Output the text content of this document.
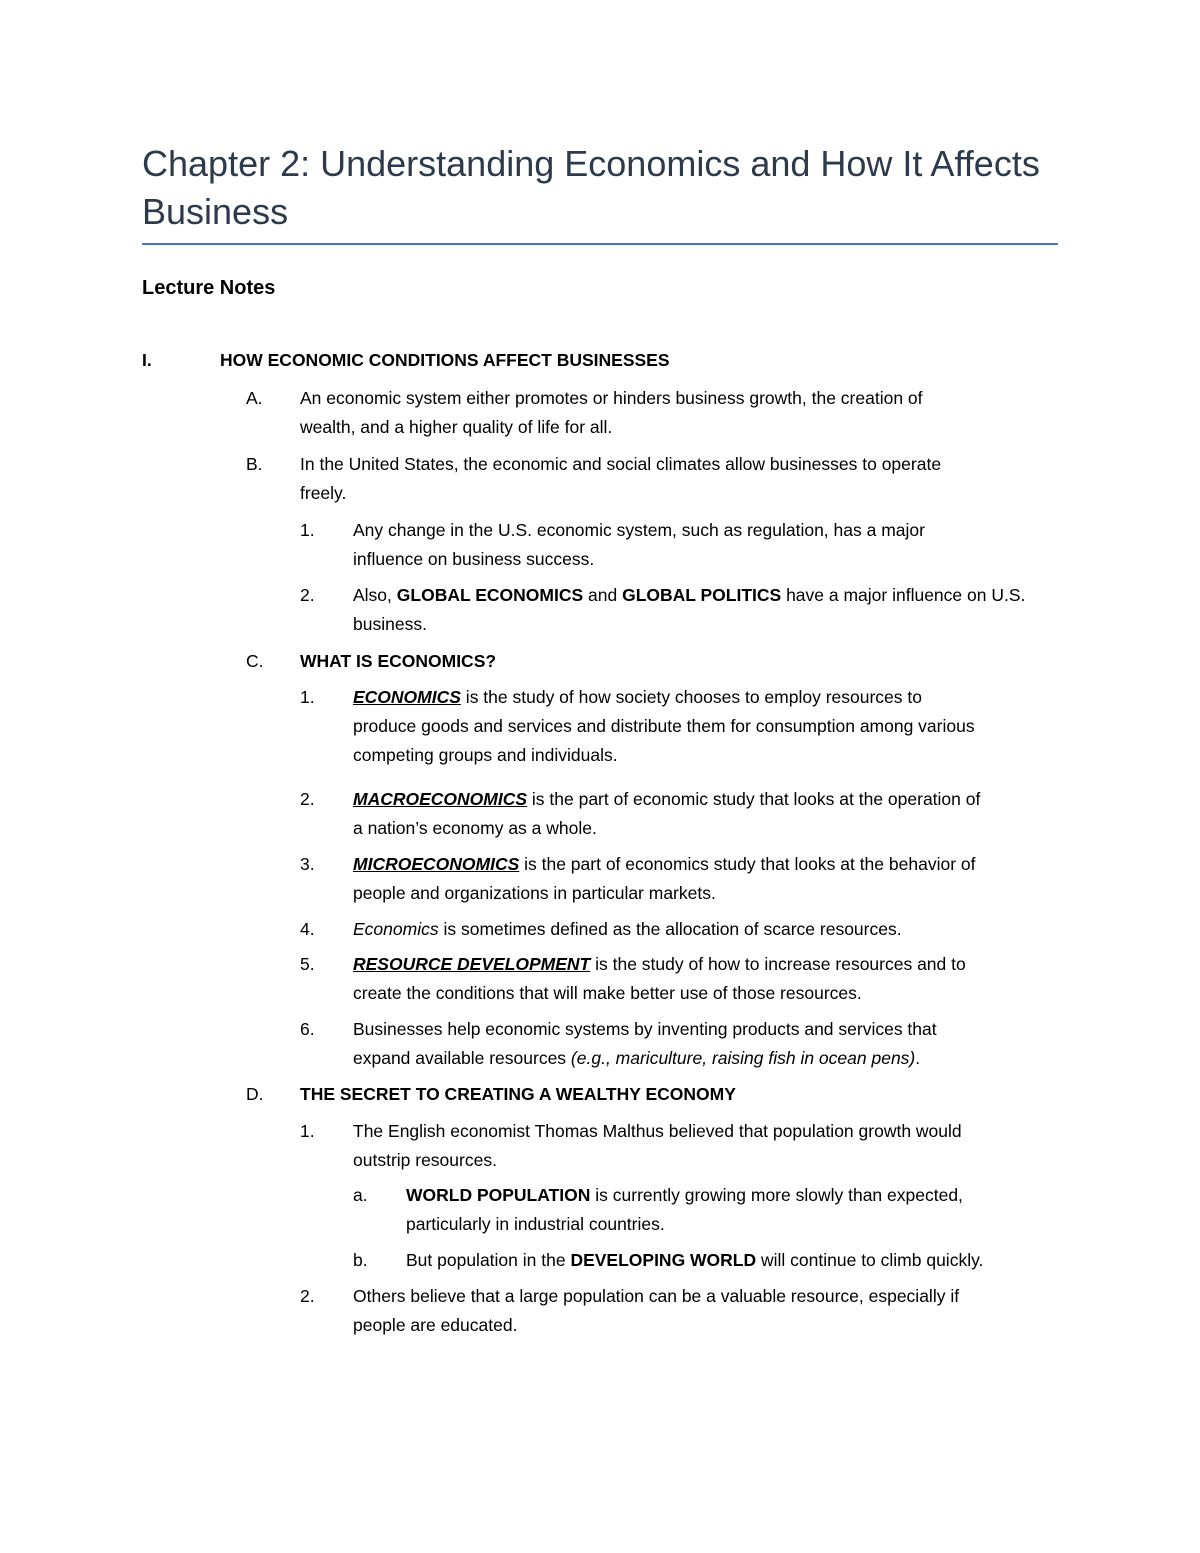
Chapter 2: Understanding Economics and How It Affects Business
Lecture Notes
I.	HOW ECONOMIC CONDITIONS AFFECT BUSINESSES
A. An economic system either promotes or hinders business growth, the creation of
wealth, and a higher quality of life for all.
B. In the United States, the economic and social climates allow businesses to operate
freely.
1. Any change in the U.S. economic system, such as regulation, has a major
influence on business success.
2. Also, GLOBAL ECONOMICS and GLOBAL POLITICS have a major influence on U.S.
business.
C. WHAT IS ECONOMICS?
1. ECONOMICS is the study of how society chooses to employ resources to
produce goods and services and distribute them for consumption among various
competing groups and individuals.
2. MACROECONOMICS is the part of economic study that looks at the operation of
a nation’s economy as a whole.
3. MICROECONOMICS is the part of economics study that looks at the behavior of
people and organizations in particular markets.
4. Economics is sometimes defined as the allocation of scarce resources.
5. RESOURCE DEVELOPMENT is the study of how to increase resources and to
create the conditions that will make better use of those resources.
6. Businesses help economic systems by inventing products and services that
expand available resources (e.g., mariculture, raising fish in ocean pens).
D. THE SECRET TO CREATING A WEALTHY ECONOMY
1. The English economist Thomas Malthus believed that population growth would
outstrip resources.
a. WORLD POPULATION is currently growing more slowly than expected,
particularly in industrial countries.
b. But population in the DEVELOPING WORLD will continue to climb quickly.
2. Others believe that a large population can be a valuable resource, especially if
people are educated.
